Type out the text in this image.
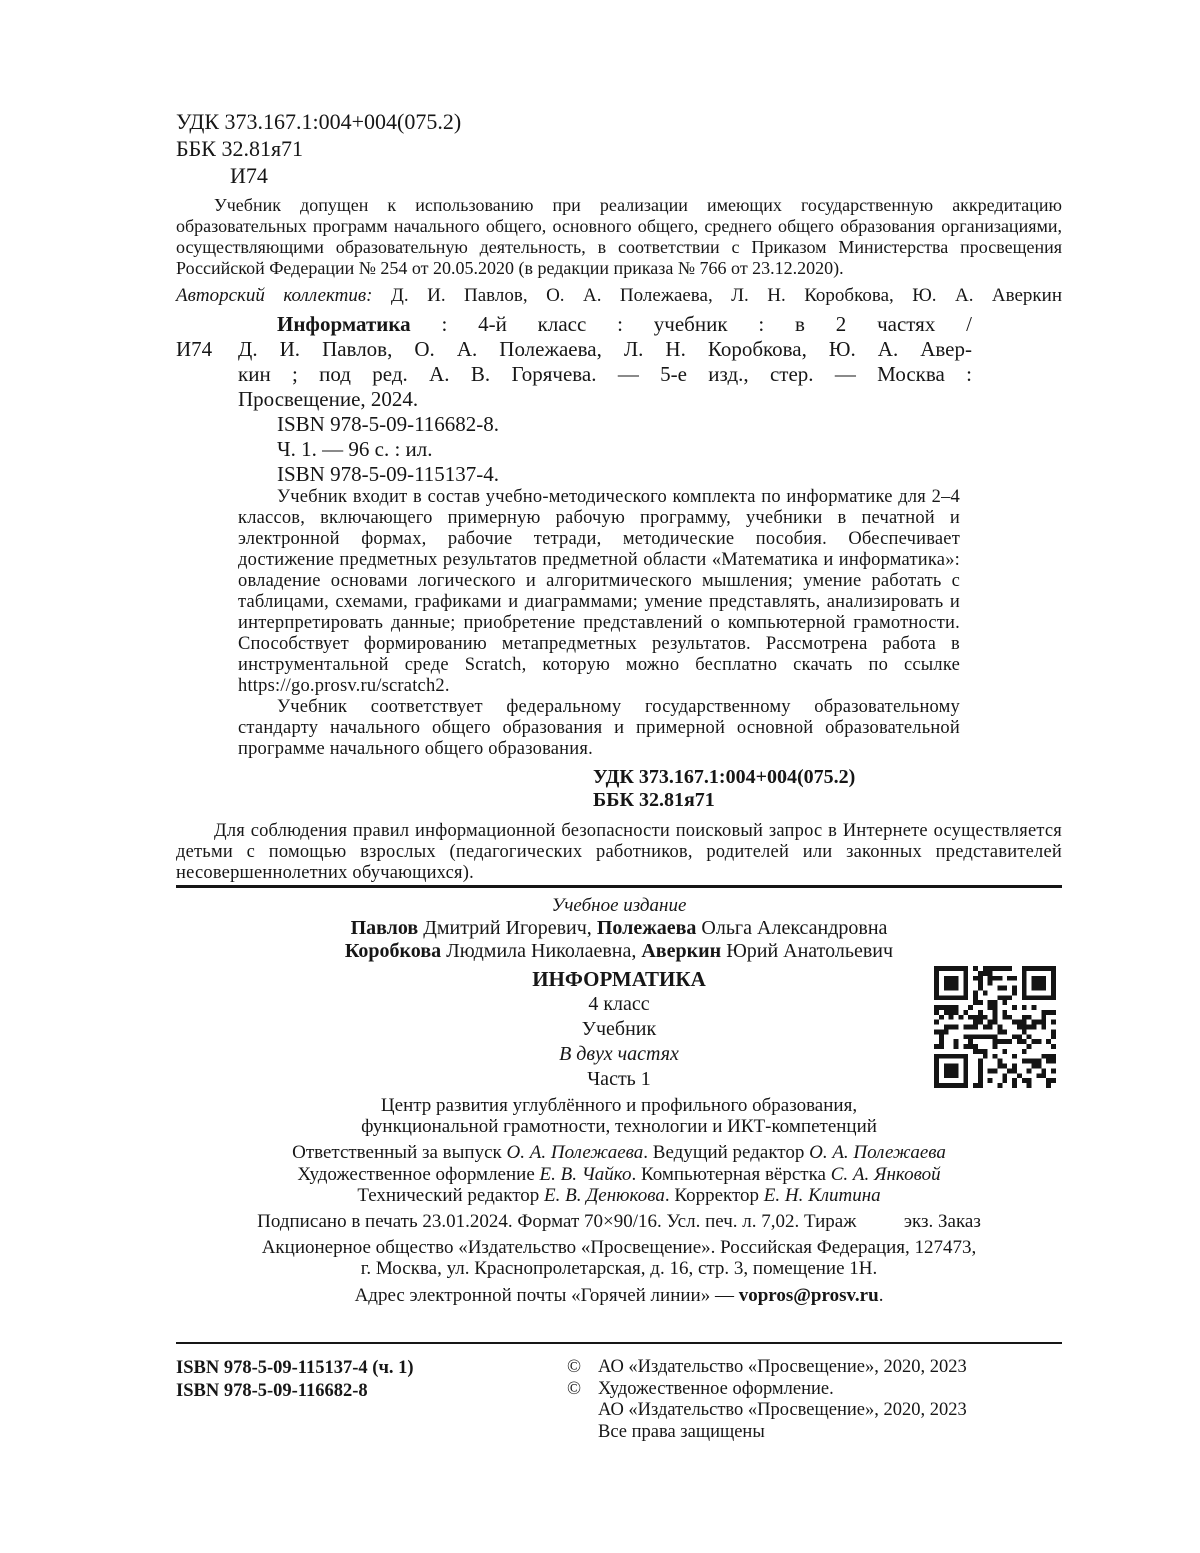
УДК 373.167.1:004+004(075.2)
ББК 32.81я71
И74
Учебник допущен к использованию при реализации имеющих государственную аккредитацию образовательных программ начального общего, основного общего, среднего общего образования организациями, осуществляющими образовательную деятельность, в соответствии с Приказом Министерства просвещения Российской Федерации № 254 от 20.05.2020 (в редакции приказа № 766 от 23.12.2020).
Авторский коллектив: Д. И. Павлов, О. А. Полежаева, Л. Н. Коробкова, Ю. А. Аверкин
Информатика : 4-й класс : учебник : в 2 частях /
И74 Д. И. Павлов, О. А. Полежаева, Л. Н. Коробкова, Ю. А. Авер-
кин ; под ред. А. В. Горячева. — 5-е изд., стер. — Москва :
Просвещение, 2024.
ISBN 978-5-09-116682-8.
Ч. 1. — 96 с. : ил.
ISBN 978-5-09-115137-4.
Учебник входит в состав учебно-методического комплекта по информатике для 2–4 классов, включающего примерную рабочую программу, учебники в печатной и электронной формах, рабочие тетради, методические пособия. Обеспечивает достижение предметных результатов предметной области «Математика и информатика»: овладение основами логического и алгоритмического мышления; умение работать с таблицами, схемами, графиками и диаграммами; умение представлять, анализировать и интерпретировать данные; приобретение представлений о компьютерной грамотности. Способствует формированию метапредметных результатов. Рассмотрена работа в инструментальной среде Scratch, которую можно бесплатно скачать по ссылке https://go.prosv.ru/scratch2.
Учебник соответствует федеральному государственному образовательному стандарту начального общего образования и примерной основной образовательной программе начального общего образования.
УДК 373.167.1:004+004(075.2)
ББК 32.81я71
Для соблюдения правил информационной безопасности поисковый запрос в Интернете осуществляется детьми с помощью взрослых (педагогических работников, родителей или законных представителей несовершеннолетних обучающихся).
Учебное издание
Павлов Дмитрий Игоревич, Полежаева Ольга Александровна
Коробкова Людмила Николаевна, Аверкин Юрий Анатольевич
ИНФОРМАТИКА
4 класс
Учебник
В двух частях
Часть 1
Центр развития углублённого и профильного образования,
функциональной грамотности, технологии и ИКТ-компетенций
Ответственный за выпуск О. А. Полежаева. Ведущий редактор О. А. Полежаева
Художественное оформление Е. В. Чайко. Компьютерная вёрстка С. А. Янковой
Технический редактор Е. В. Денюкова. Корректор Е. Н. Клитина
Подписано в печать 23.01.2024. Формат 70×90/16. Усл. печ. л. 7,02. Тираж          экз. Заказ
Акционерное общество «Издательство «Просвещение». Российская Федерация, 127473,
г. Москва, ул. Краснопролетарская, д. 16, стр. 3, помещение 1Н.
Адрес электронной почты «Горячей линии» — vopros@prosv.ru.
ISBN 978-5-09-115137-4 (ч. 1)
ISBN 978-5-09-116682-8
© АО «Издательство «Просвещение», 2020, 2023
© Художественное оформление.
АО «Издательство «Просвещение», 2020, 2023
Все права защищены
